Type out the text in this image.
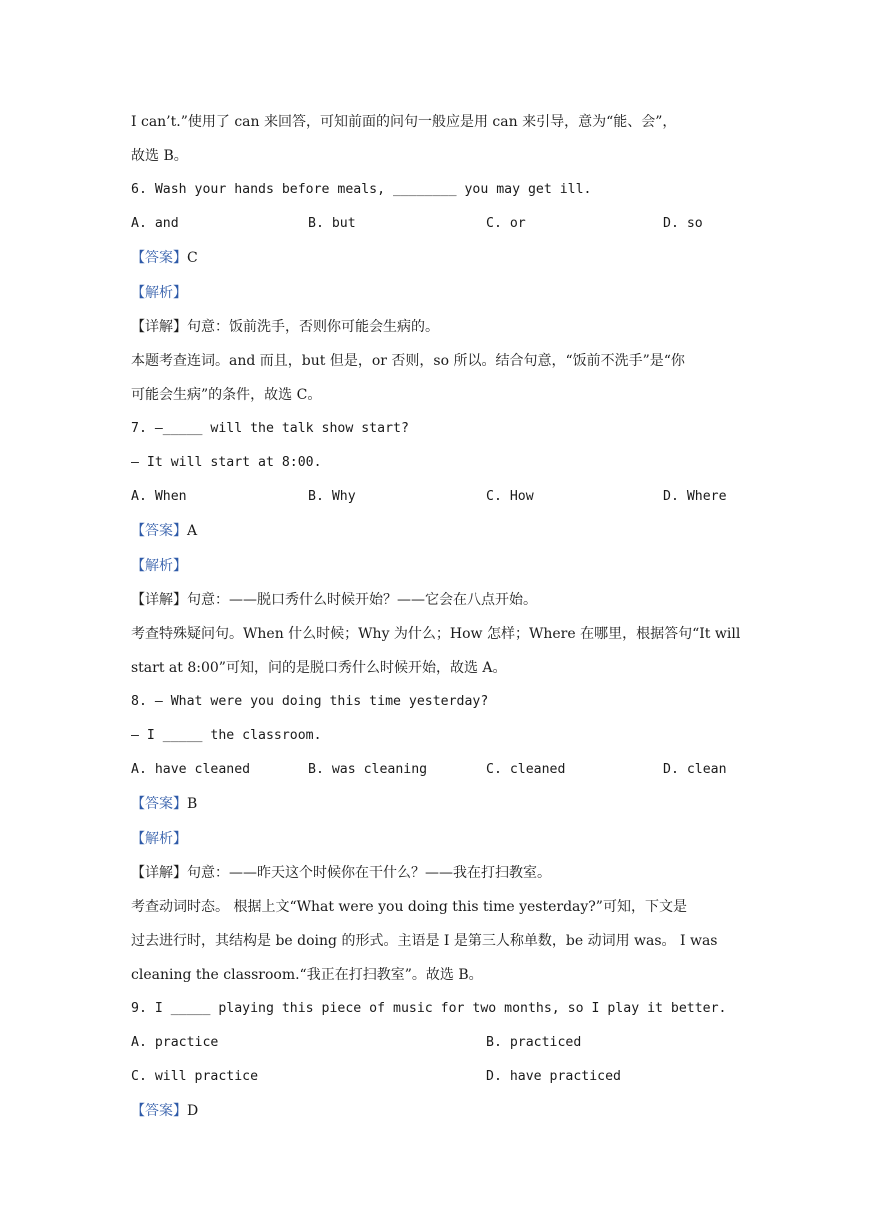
I can’t.”使用了 can 来回答，可知前面的问句一般应是用 can 来引导，意为“能、会”，
故选 B。
6. Wash your hands before meals, ________ you may get ill.
A. and	B. but	C. or	D. so
【答案】C
【解析】
【详解】句意：饭前洗手，否则你可能会生病的。
本题考查连词。and 而且，but 但是，or 否则，so 所以。结合句意，“饭前不洗手”是“你
可能会生病”的条件，故选 C。
7. —_____ will the talk show start?
— It will start at 8:00.
A. When	B. Why	C. How	D. Where
【答案】A
【解析】
【详解】句意：——脱口秀什么时候开始？——它会在八点开始。
考查特殊疑问句。When 什么时候；Why 为什么；How 怎样；Where 在哪里，根据答句“It will
start at 8:00”可知，问的是脱口秀什么时候开始，故选 A。
8. — What were you doing this time yesterday?
— I _____ the classroom.
A. have cleaned	B. was cleaning	C. cleaned	D. clean
【答案】B
【解析】
【详解】句意：——昨天这个时候你在干什么？——我在打扫教室。
考查动词时态。 根据上文“What were you doing this time yesterday?”可知，下文是
过去进行时，其结构是 be doing 的形式。主语是 I 是第三人称单数，be 动词用 was。 I was
cleaning the classroom.“我正在打扫教室”。故选 B。
9. I _____ playing this piece of music for two months, so I play it better.
A. practice	B. practiced
C. will practice	D. have practiced
【答案】D
